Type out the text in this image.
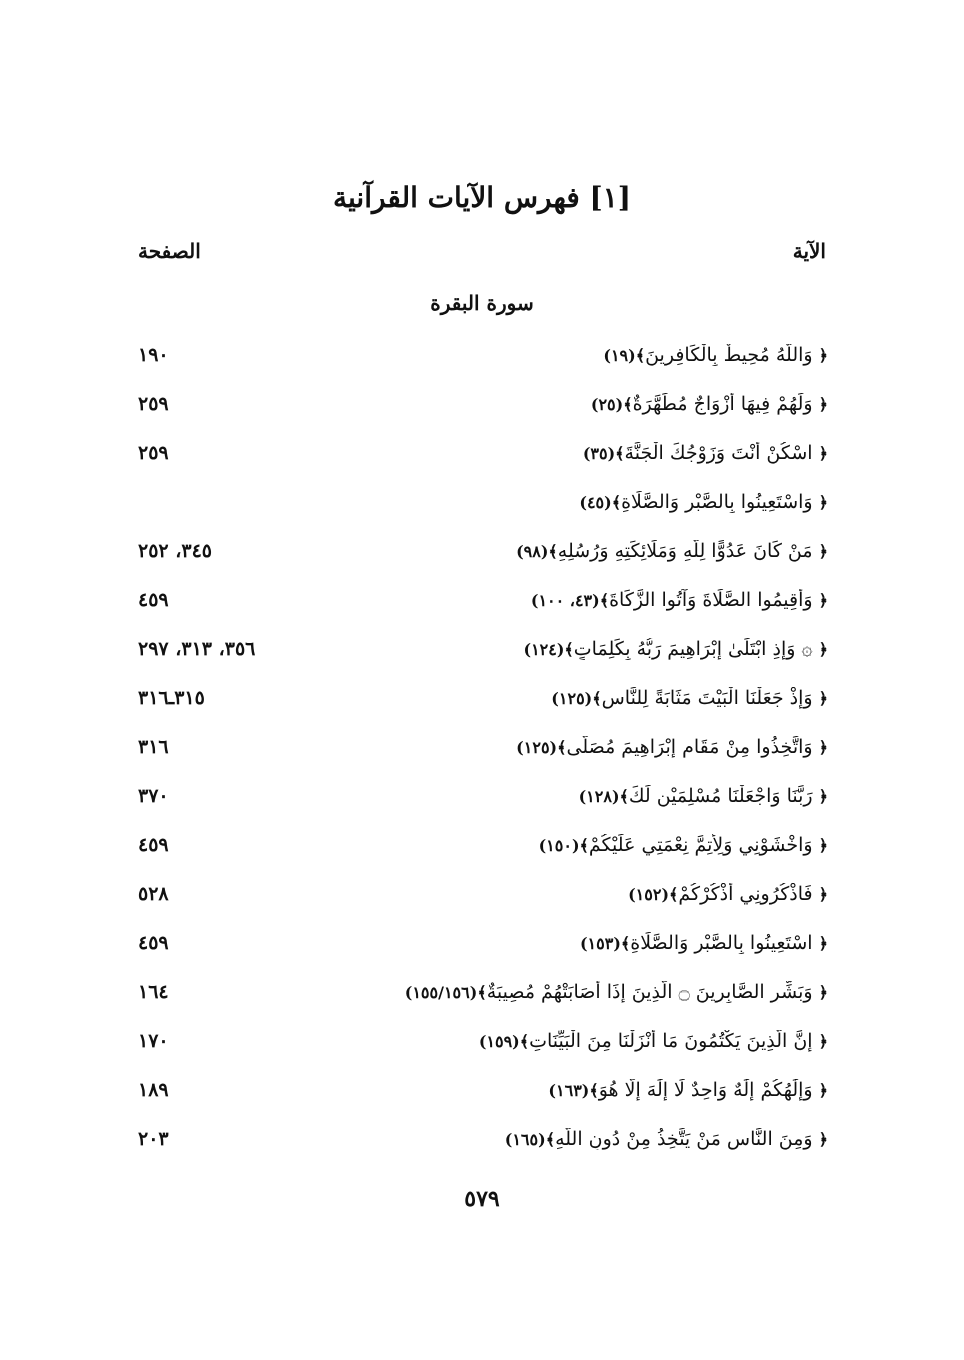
[١] فهرس الآيات القرآنية
الآية
الصفحة
سورة البقرة
١٩٠	﴿ وَاللَّهُ مُحِيطٌ بِالْكَافِرِينَ﴾(١٩)
٢٥٩	﴿ وَلَهُمْ فِيهَا أَزْوَاجٌ مُطَهَّرَةٌ﴾(٢٥)
٢٥٩	﴿ اسْكُنْ أَنْتَ وَزَوْجُكَ الْجَنَّةَ﴾(٣٥)
﴿ وَاسْتَعِينُوا بِالصَّبْرِ وَالصَّلَاةِ﴾(٤٥)
٣٤٥، ٢٥٢	﴿ مَنْ كَانَ عَدُوًّا لِلَّهِ وَمَلَائِكَتِهِ وَرُسُلِهِ﴾(٩٨)
٤٥٩	﴿ وَأَقِيمُوا الصَّلَاةَ وَآتُوا الزَّكَاةَ﴾(٤٣، ١٠٠)
٣٥٦، ٣١٣، ٢٩٧	﴿ ۞ وَإِذِ ابْتَلَىٰ إِبْرَاهِيمَ رَبُّهُ بِكَلِمَاتٍ﴾(١٢٤)
٣١٥ـ٣١٦	﴿ وَإِذْ جَعَلْنَا الْبَيْتَ مَثَابَةً لِلنَّاسِ﴾(١٢٥)
٣١٦	﴿ وَاتَّخِذُوا مِنْ مَقَامِ إِبْرَاهِيمَ مُصَلًّى﴾(١٢٥)
٣٧٠	﴿ رَبَّنَا وَاجْعَلْنَا مُسْلِمَيْنِ لَكَ﴾(١٢٨)
٤٥٩	﴿ وَاخْشَوْنِي وَلِأُتِمَّ نِعْمَتِي عَلَيْكُمْ﴾(١٥٠)
٥٢٨	﴿ فَاذْكُرُونِي أَذْكُرْكُمْ﴾(١٥٢)
٤٥٩	﴿ اسْتَعِينُوا بِالصَّبْرِ وَالصَّلَاةِ﴾(١٥٣)
١٦٤	﴿ وَبَشِّرِ الصَّابِرِينَ ۝ الَّذِينَ إِذَا أَصَابَتْهُمْ مُصِيبَةٌ﴾(١٥٥/١٥٦)
١٧٠	﴿ إِنَّ الَّذِينَ يَكْتُمُونَ مَا أَنْزَلْنَا مِنَ الْبَيِّنَاتِ﴾(١٥٩)
١٨٩	﴿ وَإِلَٰهُكُمْ إِلَٰهٌ وَاحِدٌ لَا إِلَٰهَ إِلَّا هُوَ﴾(١٦٣)
٢٠٣	﴿ وَمِنَ النَّاسِ مَنْ يَتَّخِذُ مِنْ دُونِ اللَّهِ﴾(١٦٥)
٥٧٩
